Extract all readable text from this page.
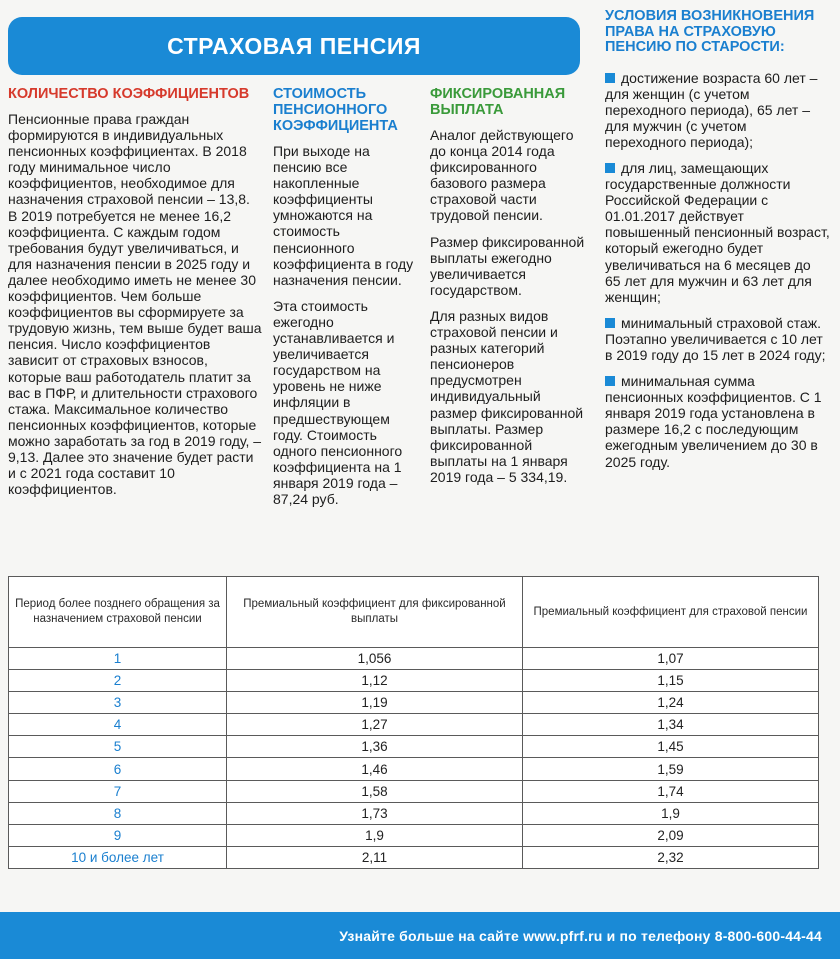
СТРАХОВАЯ ПЕНСИЯ
КОЛИЧЕСТВО КОЭФФИЦИЕНТОВ

Пенсионные права граждан формируются в индивидуальных пенсионных коэффициентах. В 2018 году минимальное число коэффициентов, необходимое для назначения страховой пенсии – 13,8. В 2019 потребуется не менее 16,2 коэффициента. С каждым годом требования будут увеличиваться, и для назначения пенсии в 2025 году и далее необходимо иметь не менее 30 коэффициентов. Чем больше коэффициентов вы сформируете за трудовую жизнь, тем выше будет ваша пенсия. Число коэффициентов зависит от страховых взносов, которые ваш работодатель платит за вас в ПФР, и длительности страхового стажа. Максимальное количество пенсионных коэффициентов, которые можно заработать за год в 2019 году, – 9,13. Далее это значение будет расти и с 2021 года составит 10 коэффициентов.

СТОИМОСТЬ ПЕНСИОННОГО КОЭФФИЦИЕНТА

При выходе на пенсию все накопленные коэффициенты умножаются на стоимость пенсионного коэффициента в году назначения пенсии.

Эта стоимость ежегодно устанавливается и увеличивается государством на уровень не ниже инфляции в предшествующем году. Стоимость одного пенсионного коэффициента на 1 января 2019 года – 87,24 руб.

ФИКСИРОВАННАЯ ВЫПЛАТА

Аналог действующего до конца 2014 года фиксированного базового размера страховой части трудовой пенсии.

Размер фиксированной выплаты ежегодно увеличивается государством.

Для разных видов страховой пенсии и разных категорий пенсионеров предусмотрен индивидуальный размер фиксированной выплаты. Размер фиксированной выплаты на 1 января 2019 года – 5 334,19.

УСЛОВИЯ ВОЗНИКНОВЕНИЯ ПРАВА НА СТРАХОВУЮ ПЕНСИЮ ПО СТАРОСТИ:
достижение возраста 60 лет – для женщин (с учетом переходного периода), 65 лет – для мужчин (с учетом переходного периода);
для лиц, замещающих государственные должности Российской Федерации с 01.01.2017 действует повышенный пенсионный возраст, который ежегодно будет увеличиваться на 6 месяцев до 65 лет для мужчин и 63 лет для женщин;
минимальный страховой стаж. Поэтапно увеличивается с 10 лет в 2019 году до 15 лет в 2024 году;
минимальная сумма пенсионных коэффициентов. С 1 января 2019 года установлена в размере 16,2 с последующим ежегодным увеличением до 30 в 2025 году.
Период более позднего обращения за назначением страховой пенсии	Премиальный коэффициент для фиксированной выплаты	Премиальный коэффициент для страховой пенсии
1	1,056	1,07
2	1,12	1,15
3	1,19	1,24
4	1,27	1,34
5	1,36	1,45
6	1,46	1,59
7	1,58	1,74
8	1,73	1,9
9	1,9	2,09
10 и более лет	2,11	2,32
Узнайте больше на сайте www.pfrf.ru и по телефону 8-800-600-44-44
